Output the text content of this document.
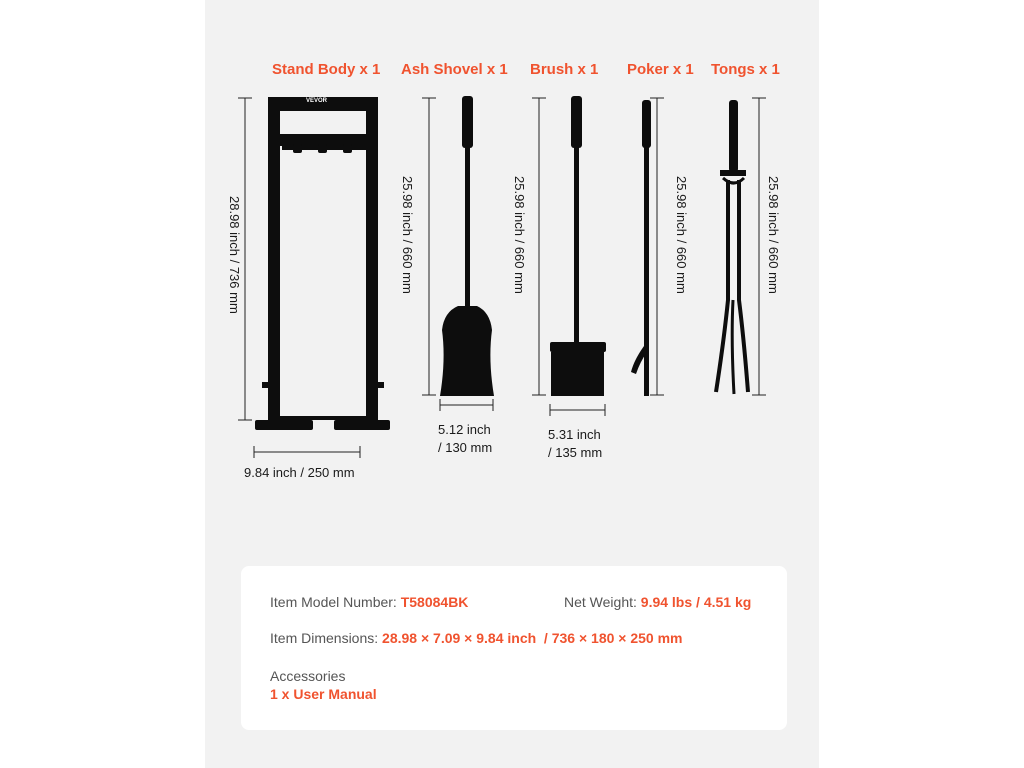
VEVOR
Stand Body x 1 Ash Shovel x 1 Brush x 1 Poker x 1 Tongs x 1
28.98 inch / 736 mm	25.98 inch / 660 mm	25.98 inch / 660 mm	25.98 inch / 660 mm	25.98 inch / 660 mm
9.84 inch / 250 mm
5.12 inch
/ 130 mm
5.31 inch
/ 135 mm
Item Model Number: T58084BK	Net Weight: 9.94 lbs / 4.51 kg
Item Dimensions: 28.98 × 7.09 × 9.84 inch  / 736 × 180 × 250 mm
Accessories
1 x User Manual
